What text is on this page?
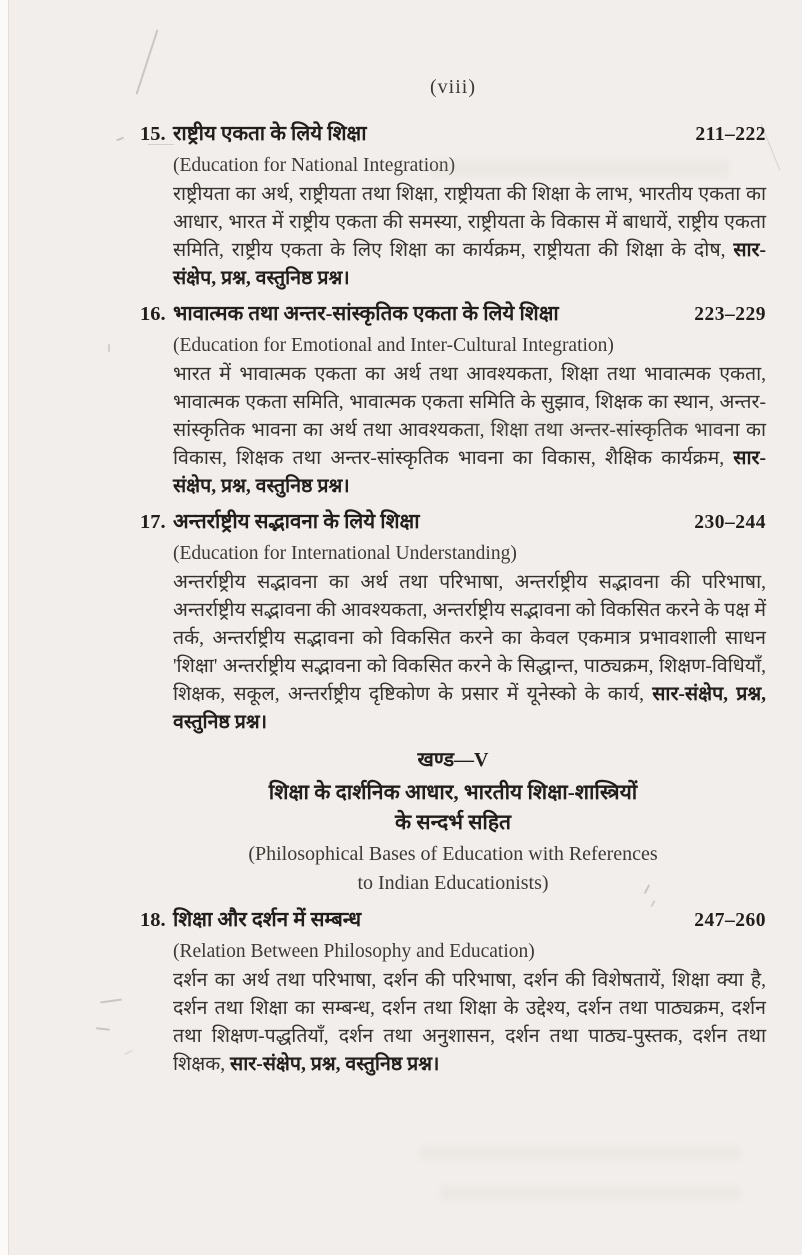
(viii)
15. राष्ट्रीय एकता के लिये शिक्षा	211–222
(Education for National Integration)

राष्ट्रीयता का अर्थ, राष्ट्रीयता तथा शिक्षा, राष्ट्रीयता की शिक्षा के लाभ, भारतीय एकता का आधार, भारत में राष्ट्रीय एकता की समस्या, राष्ट्रीयता के विकास में बाधायें, राष्ट्रीय एकता समिति, राष्ट्रीय एकता के लिए शिक्षा का कार्यक्रम, राष्ट्रीयता की शिक्षा के दोष, सार-संक्षेप, प्रश्न, वस्तुनिष्ठ प्रश्न।

16. भावात्मक तथा अन्तर-सांस्कृतिक एकता के लिये शिक्षा	223–229
(Education for Emotional and Inter-Cultural Integration)

भारत में भावात्मक एकता का अर्थ तथा आवश्यकता, शिक्षा तथा भावात्मक एकता, भावात्मक एकता समिति, भावात्मक एकता समिति के सुझाव, शिक्षक का स्थान, अन्तर-सांस्कृतिक भावना का अर्थ तथा आवश्यकता, शिक्षा तथा अन्तर-सांस्कृतिक भावना का विकास, शिक्षक तथा अन्तर-सांस्कृतिक भावना का विकास, शैक्षिक कार्यक्रम, सार-संक्षेप, प्रश्न, वस्तुनिष्ठ प्रश्न।

17. अन्तर्राष्ट्रीय सद्भावना के लिये शिक्षा	230–244
(Education for International Understanding)

अन्तर्राष्ट्रीय सद्भावना का अर्थ तथा परिभाषा, अन्तर्राष्ट्रीय सद्भावना की परिभाषा, अन्तर्राष्ट्रीय सद्भावना की आवश्यकता, अन्तर्राष्ट्रीय सद्भावना को विकसित करने के पक्ष में तर्क, अन्तर्राष्ट्रीय सद्भावना को विकसित करने का केवल एकमात्र प्रभावशाली साधन 'शिक्षा' अन्तर्राष्ट्रीय सद्भावना को विकसित करने के सिद्धान्त, पाठ्यक्रम, शिक्षण-विधियाँ, शिक्षक, सकूल, अन्तर्राष्ट्रीय दृष्टिकोण के प्रसार में यूनेस्को के कार्य, सार-संक्षेप, प्रश्न, वस्तुनिष्ठ प्रश्न।

खण्ड—V
शिक्षा के दार्शनिक आधार, भारतीय शिक्षा-शास्त्रियों
के सन्दर्भ सहित
(Philosophical Bases of Education with References
to Indian Educationists)
18. शिक्षा और दर्शन में सम्बन्ध	247–260
(Relation Between Philosophy and Education)

दर्शन का अर्थ तथा परिभाषा, दर्शन की परिभाषा, दर्शन की विशेषतायें, शिक्षा क्या है, दर्शन तथा शिक्षा का सम्बन्ध, दर्शन तथा शिक्षा के उद्देश्य, दर्शन तथा पाठ्यक्रम, दर्शन तथा शिक्षण-पद्धतियाँ, दर्शन तथा अनुशासन, दर्शन तथा पाठ्य-पुस्तक, दर्शन तथा शिक्षक, सार-संक्षेप, प्रश्न, वस्तुनिष्ठ प्रश्न।
